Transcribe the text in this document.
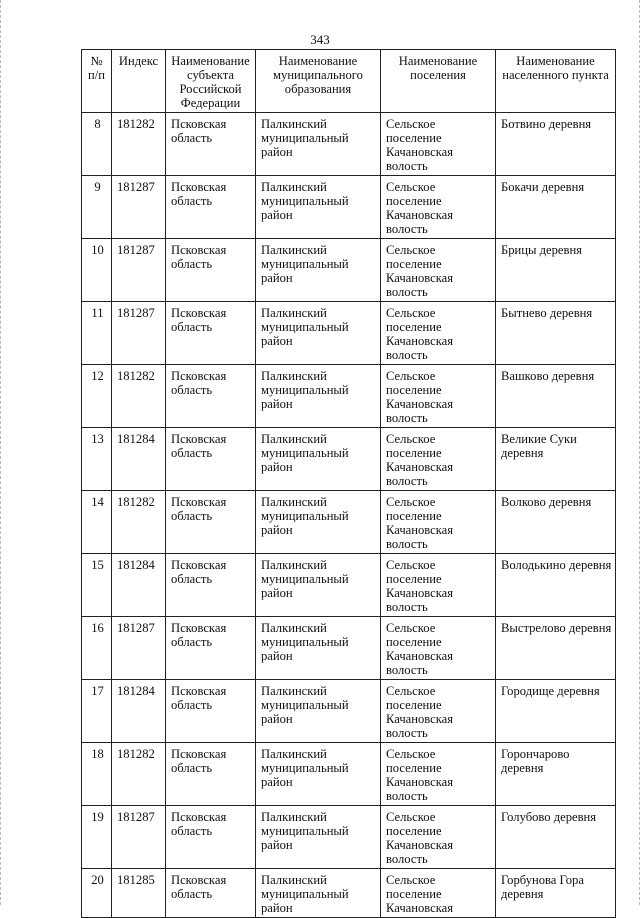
343
№ п/п	Индекс	Наименование субъекта Российской Федерации	Наименование муниципального образования	Наименование поселения	Наименование населенного пункта
8	181282	Псковская область	Палкинский муниципальный район	Сельское поселение Качановская волость	Ботвино деревня
9	181287	Псковская область	Палкинский муниципальный район	Сельское поселение Качановская волость	Бокачи деревня
10	181287	Псковская область	Палкинский муниципальный район	Сельское поселение Качановская волость	Брицы деревня
11	181287	Псковская область	Палкинский муниципальный район	Сельское поселение Качановская волость	Бытнево деревня
12	181282	Псковская область	Палкинский муниципальный район	Сельское поселение Качановская волость	Вашково деревня
13	181284	Псковская область	Палкинский муниципальный район	Сельское поселение Качановская волость	Великие Суки деревня
14	181282	Псковская область	Палкинский муниципальный район	Сельское поселение Качановская волость	Волково деревня
15	181284	Псковская область	Палкинский муниципальный район	Сельское поселение Качановская волость	Володькино деревня
16	181287	Псковская область	Палкинский муниципальный район	Сельское поселение Качановская волость	Выстрелово деревня
17	181284	Псковская область	Палкинский муниципальный район	Сельское поселение Качановская волость	Городище деревня
18	181282	Псковская область	Палкинский муниципальный район	Сельское поселение Качановская волость	Горончарово деревня
19	181287	Псковская область	Палкинский муниципальный район	Сельское поселение Качановская волость	Голубово деревня
20	181285	Псковская область	Палкинский муниципальный район	Сельское поселение Качановская	Горбунова Гора деревня
